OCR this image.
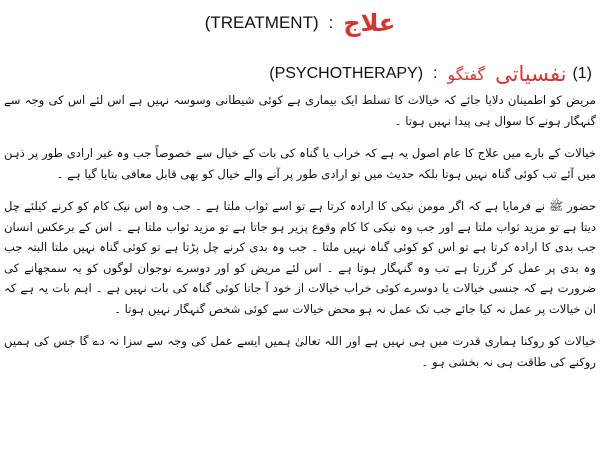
(TREATMENT) : علاج
(1)
نفسیاتی
گفتگو
:
(PSYCHOTHERAPY)

مریض کو اطمینان دلایا جائے کہ خیالات کا تسلط ایک بیماری ہے کوئی شیطانی وسوسہ نہیں ہے اس لئے اس کی وجہ سے گنہگار ہونے کا سوال ہی پیدا نہیں ہوتا ۔

خیالات کے بارے میں علاج کا عام اصول یہ ہے کہ خراب یا گناہ کی بات کے خیال سے خصوصاً جب وہ غیر ارادی طور پر ذہن میں آئے تب کوئی گناہ نہیں ہوتا بلکہ حدیث میں تو ارادی طور پر آنے والے خیال کو بھی قابل معافی بتایا گیا ہے ۔

حضور ﷺ نے فرمایا ہے کہ اگر مومن نیکی کا ارادہ کرتا ہے تو اسے ثواب ملتا ہے ۔ جب وہ اس نیک کام کو کرنے کیلئے چل دیتا ہے تو مزید ثواب ملتا ہے اور جب وہ نیکی کا کام وقوع پزیر ہو جاتا ہے تو مزید ثواب ملتا ہے ۔ اس کے برعکس انسان جب بدی کا ارادہ کرتا ہے تو اس کو کوئی گناہ نہیں ملتا ۔ جب وہ بدی کرنے چل پڑتا ہے تو کوئی گناہ نہیں ملتا البتہ جب وہ بدی پر عمل کر گزرتا ہے تب وہ گنہگار ہوتا ہے ۔ اس لئے مریض کو اور دوسرے نوجوان لوگوں کو یہ سمجھانے کی ضرورت ہے کہ جنسی خیالات یا دوسرے کوئی خراب خیالات از خود آ جانا کوئی گناہ کی بات نہیں ہے ۔ اہم بات یہ ہے کہ ان خیالات پر عمل نہ کیا جائے جب تک عمل نہ ہو محض خیالات سے کوئی شخص گنہگار نہیں ہوتا ۔

خیالات کو روکنا ہماری قدرت میں ہی نہیں ہے اور اللہ تعالیٰ ہمیں ایسے عمل کی وجہ سے سزا نہ دے گا جس کی ہمیں روکنے کی طاقت ہی نہ بخشی ہو ۔
